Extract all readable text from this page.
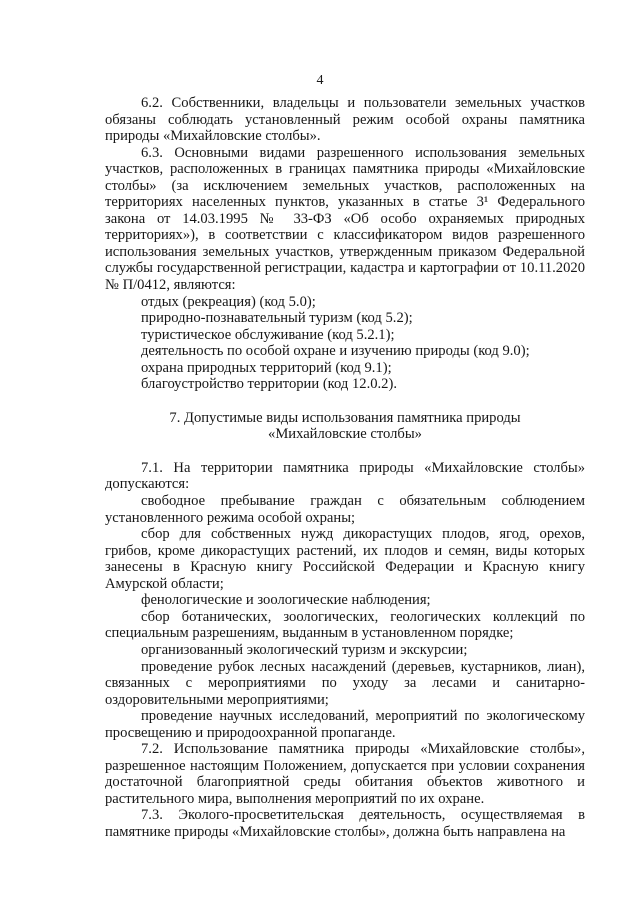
4

6.2. Собственники, владельцы и пользователи земельных участков обязаны соблюдать установленный режим особой охраны памятника природы «Михайловские столбы».

6.3. Основными видами разрешенного использования земельных участков, расположенных в границах памятника природы «Михайловские столбы» (за исключением земельных участков, расположенных на территориях населенных пунктов, указанных в статье 3¹ Федерального закона от 14.03.1995 № 33-ФЗ «Об особо охраняемых природных территориях»), в соответствии с классификатором видов разрешенного использования земельных участков, утвержденным приказом Федеральной службы государственной регистрации, кадастра и картографии от 10.11.2020 № П/0412, являются:

отдых (рекреация) (код 5.0);

природно-познавательный туризм (код 5.2);

туристическое обслуживание (код 5.2.1);

деятельность по особой охране и изучению природы (код 9.0);

охрана природных территорий (код 9.1);

благоустройство территории (код 12.0.2).

7. Допустимые виды использования памятника природы
«Михайловские столбы»

7.1. На территории памятника природы «Михайловские столбы» допускаются:

свободное пребывание граждан с обязательным соблюдением установленного режима особой охраны;

сбор для собственных нужд дикорастущих плодов, ягод, орехов, грибов, кроме дикорастущих растений, их плодов и семян, виды которых занесены в Красную книгу Российской Федерации и Красную книгу Амурской области;

фенологические и зоологические наблюдения;

сбор ботанических, зоологических, геологических коллекций по специальным разрешениям, выданным в установленном порядке;

организованный экологический туризм и экскурсии;

проведение рубок лесных насаждений (деревьев, кустарников, лиан), связанных с мероприятиями по уходу за лесами и санитарно-оздоровительными мероприятиями;

проведение научных исследований, мероприятий по экологическому просвещению и природоохранной пропаганде.

7.2. Использование памятника природы «Михайловские столбы», разрешенное настоящим Положением, допускается при условии сохранения достаточной благоприятной среды обитания объектов животного и растительного мира, выполнения мероприятий по их охране.

7.3. Эколого-просветительская деятельность, осуществляемая в памятнике природы «Михайловские столбы», должна быть направлена на
